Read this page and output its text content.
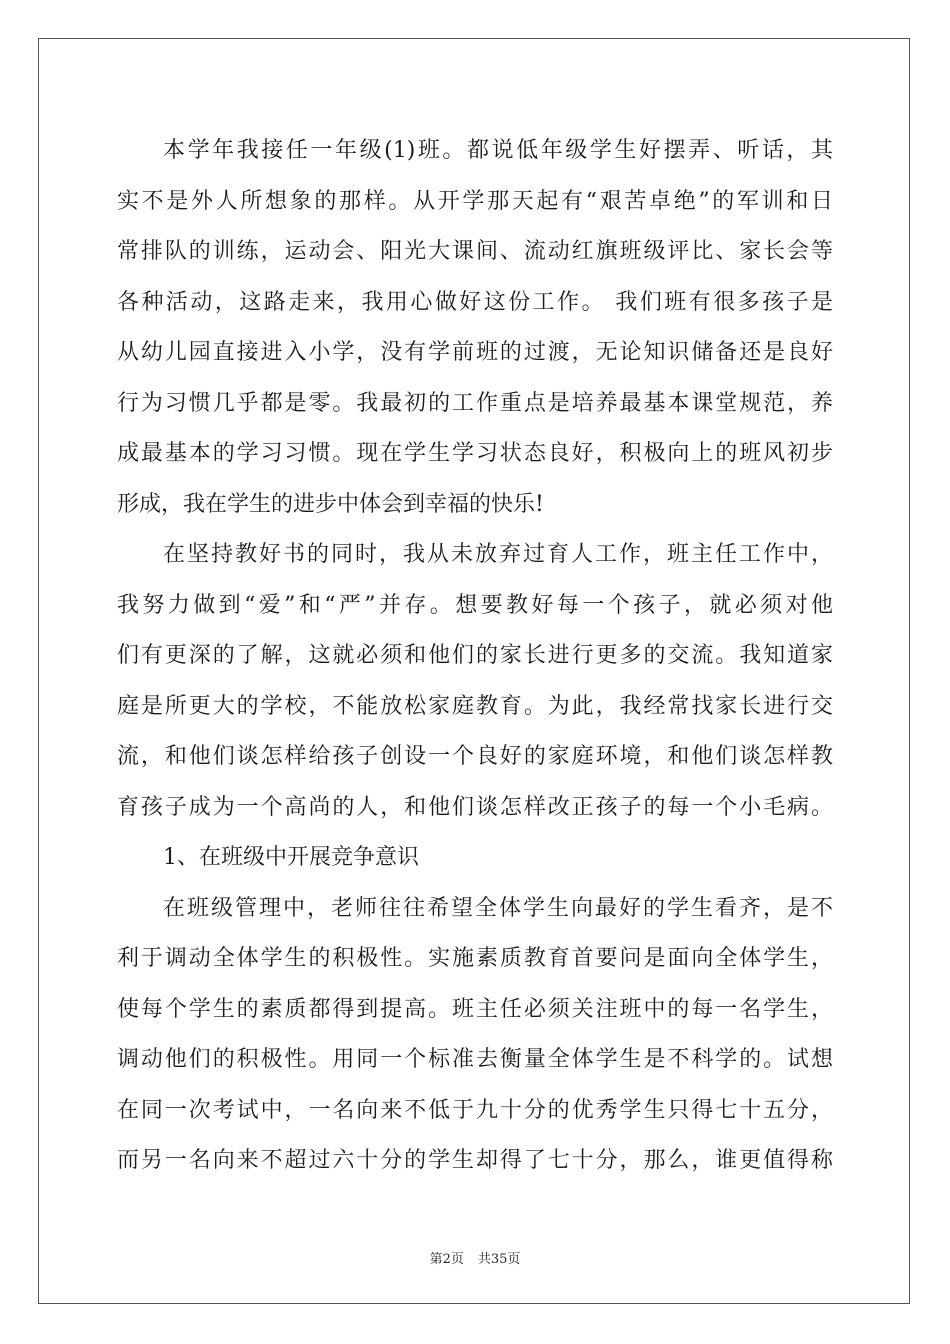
本学年我接任一年级(1)班。都说低年级学生好摆弄、听话，其
实不是外人所想象的那样。从开学那天起有“艰苦卓绝”的军训和日
常排队的训练，运动会、阳光大课间、流动红旗班级评比、家长会等
各种活动，这路走来，我用心做好这份工作。 我们班有很多孩子是
从幼儿园直接进入小学，没有学前班的过渡，无论知识储备还是良好
行为习惯几乎都是零。我最初的工作重点是培养最基本课堂规范，养
成最基本的学习习惯。现在学生学习状态良好，积极向上的班风初步
形成，我在学生的进步中体会到幸福的快乐!
在坚持教好书的同时，我从未放弃过育人工作，班主任工作中，
我努力做到“爱”和“严”并存。想要教好每一个孩子，就必须对他
们有更深的了解，这就必须和他们的家长进行更多的交流。我知道家
庭是所更大的学校，不能放松家庭教育。为此，我经常找家长进行交
流，和他们谈怎样给孩子创设一个良好的家庭环境，和他们谈怎样教
育孩子成为一个高尚的人，和他们谈怎样改正孩子的每一个小毛病。
1、在班级中开展竞争意识
在班级管理中，老师往往希望全体学生向最好的学生看齐，是不
利于调动全体学生的积极性。实施素质教育首要问是面向全体学生，
使每个学生的素质都得到提高。班主任必须关注班中的每一名学生，
调动他们的积极性。用同一个标准去衡量全体学生是不科学的。试想
在同一次考试中，一名向来不低于九十分的优秀学生只得七十五分，
而另一名向来不超过六十分的学生却得了七十分，那么，谁更值得称
第2页 共35页
